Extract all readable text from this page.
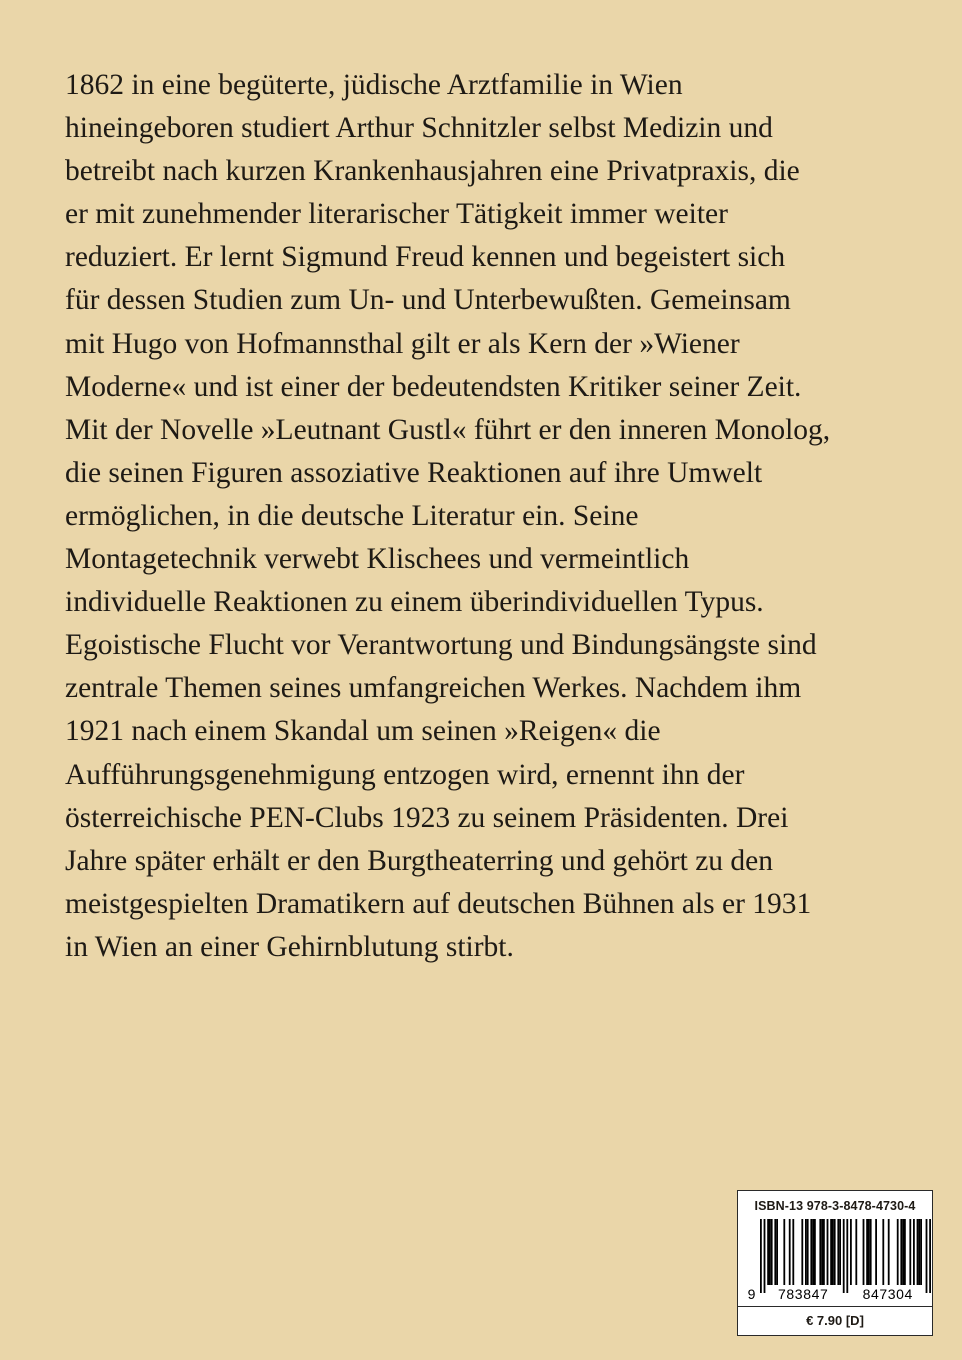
1862 in eine begüterte, jüdische Arztfamilie in Wien
hineingeboren studiert Arthur Schnitzler selbst Medizin und
betreibt nach kurzen Krankenhausjahren eine Privatpraxis, die
er mit zunehmender literarischer Tätigkeit immer weiter
reduziert. Er lernt Sigmund Freud kennen und begeistert sich
für dessen Studien zum Un- und Unterbewußten. Gemeinsam
mit Hugo von Hofmannsthal gilt er als Kern der »Wiener
Moderne« und ist einer der bedeutendsten Kritiker seiner Zeit.
Mit der Novelle »Leutnant Gustl« führt er den inneren Monolog,
die seinen Figuren assoziative Reaktionen auf ihre Umwelt
ermöglichen, in die deutsche Literatur ein. Seine
Montagetechnik verwebt Klischees und vermeintlich
individuelle Reaktionen zu einem überindividuellen Typus.
Egoistische Flucht vor Verantwortung und Bindungsängste sind
zentrale Themen seines umfangreichen Werkes. Nachdem ihm
1921 nach einem Skandal um seinen »Reigen« die
Aufführungsgenehmigung entzogen wird, ernennt ihn der
österreichische PEN-Clubs 1923 zu seinem Präsidenten. Drei
Jahre später erhält er den Burgtheaterring und gehört zu den
meistgespielten Dramatikern auf deutschen Bühnen als er 1931
in Wien an einer Gehirnblutung stirbt.
ISBN-13 978-3-8478-4730-4
9 783847 847304
€ 7.90 [D]
